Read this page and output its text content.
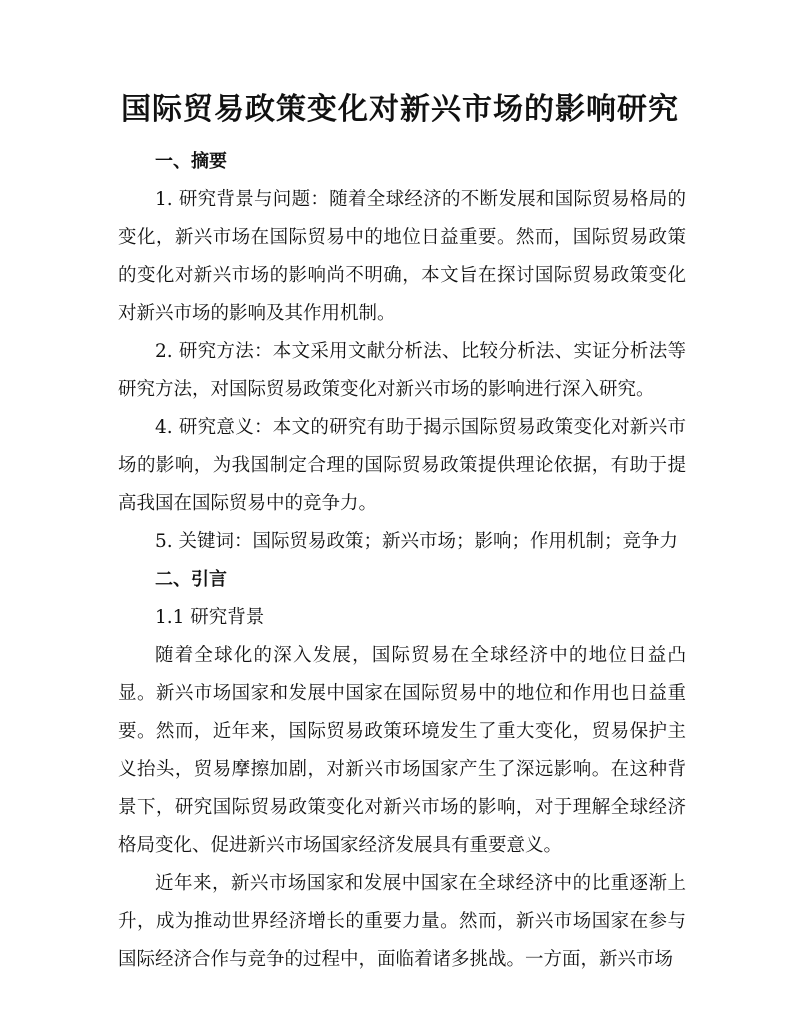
国际贸易政策变化对新兴市场的影响研究

一、摘要

1. 研究背景与问题：随着全球经济的不断发展和国际贸易格局的变化，新兴市场在国际贸易中的地位日益重要。然而，国际贸易政策的变化对新兴市场的影响尚不明确，本文旨在探讨国际贸易政策变化对新兴市场的影响及其作用机制。

2. 研究方法：本文采用文献分析法、比较分析法、实证分析法等研究方法，对国际贸易政策变化对新兴市场的影响进行深入研究。

4. 研究意义：本文的研究有助于揭示国际贸易政策变化对新兴市场的影响，为我国制定合理的国际贸易政策提供理论依据，有助于提高我国在国际贸易中的竞争力。

5. 关键词：国际贸易政策；新兴市场；影响；作用机制；竞争力

二、引言

1.1 研究背景

随着全球化的深入发展，国际贸易在全球经济中的地位日益凸显。新兴市场国家和发展中国家在国际贸易中的地位和作用也日益重要。然而，近年来，国际贸易政策环境发生了重大变化，贸易保护主义抬头，贸易摩擦加剧，对新兴市场国家产生了深远影响。在这种背景下，研究国际贸易政策变化对新兴市场的影响，对于理解全球经济格局变化、促进新兴市场国家经济发展具有重要意义。

近年来，新兴市场国家和发展中国家在全球经济中的比重逐渐上升，成为推动世界经济增长的重要力量。然而，新兴市场国家在参与国际经济合作与竞争的过程中，面临着诸多挑战。一方面，新兴市场
